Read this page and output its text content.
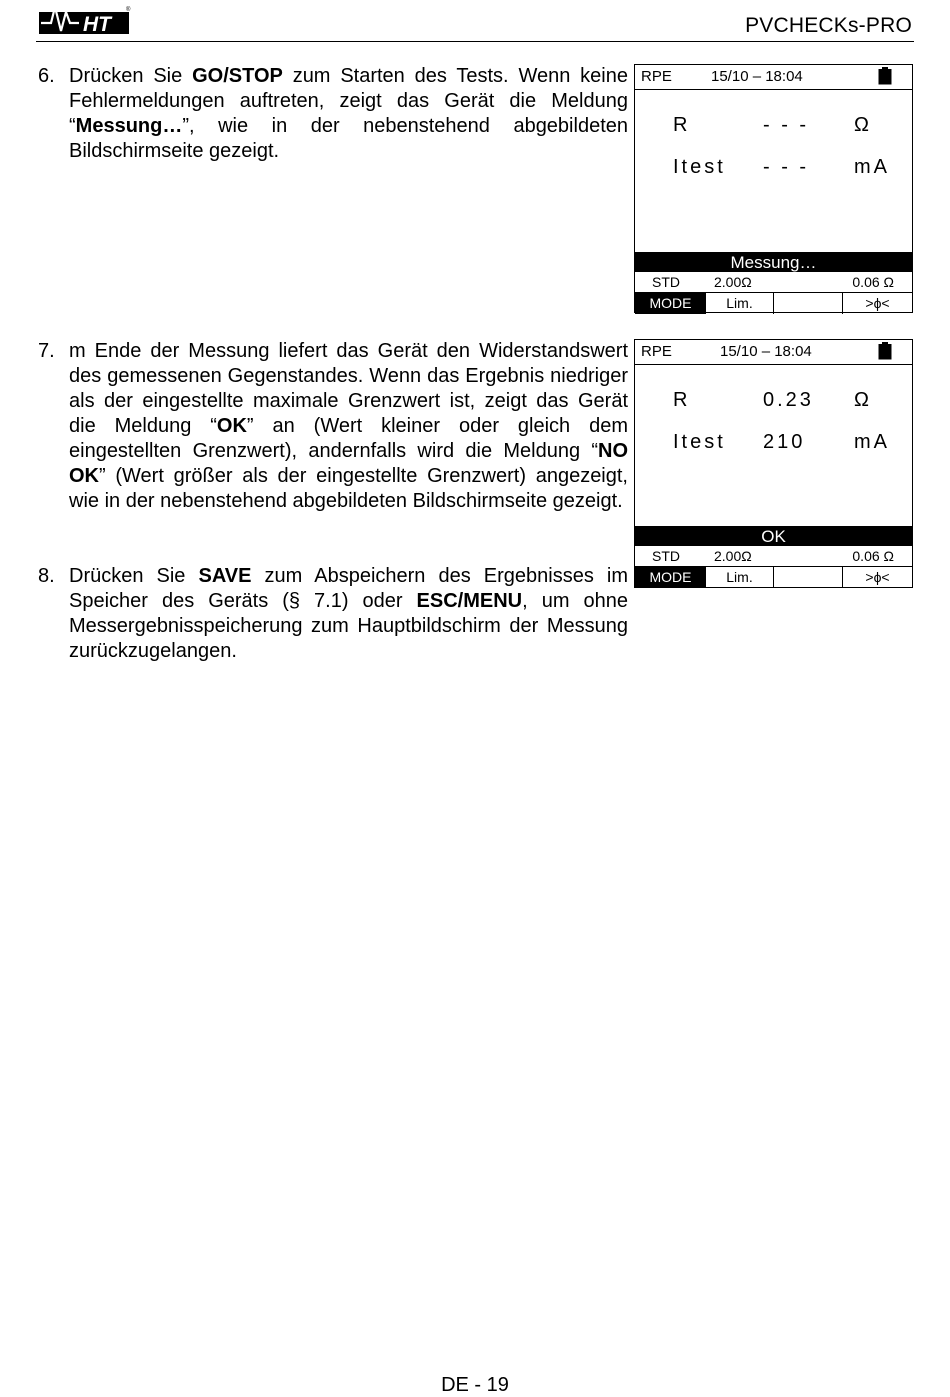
HT
®
PVCHECKs-PRO
6. Drücken Sie GO/STOP zum Starten des Tests. Wenn keine Fehlermeldungen auftreten, zeigt das Gerät die Meldung “Messung…”, wie in der nebenstehend abgebildeten Bildschirmseite gezeigt.
7. m Ende der Messung liefert das Gerät den Widerstandswert des gemessenen Gegenstandes. Wenn das Ergebnis niedriger als der eingestellte maximale Grenzwert ist, zeigt das Gerät die Meldung “OK” an (Wert kleiner oder gleich dem eingestellten Grenzwert), andernfalls wird die Meldung “NO OK” (Wert größer als der eingestellte Grenzwert) angezeigt, wie in der nebenstehend abgebildeten Bildschirmseite gezeigt.
8. Drücken Sie SAVE zum Abspeichern des Ergebnisses im Speicher des Geräts (§ 7.1) oder ESC/MENU, um ohne Messergebnisspeicherung zum Hauptbildschirm der Messung zurückzugelangen.
RPE	15/10 – 18:04
R	- - - Ω
Itest - - - mA
Messung…
STD 2.00Ω	0.06 Ω
MODE	Lim.	>ϕ<
RPE	15/10 – 18:04
R	0.23 Ω
Itest 210 mA
OK
STD 2.00Ω	0.06 Ω
MODE	Lim.	>ϕ<
DE - 19
